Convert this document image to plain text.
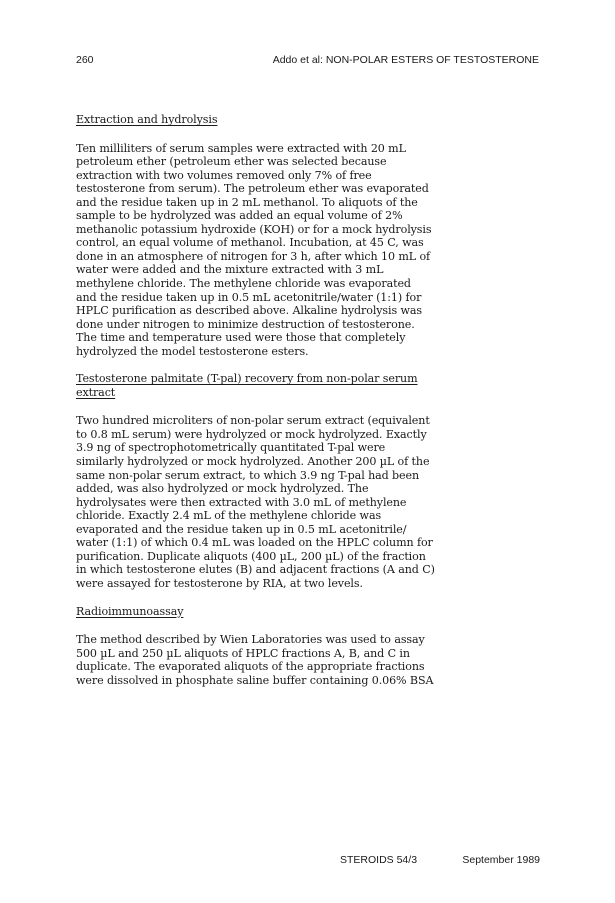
260	Addo et al: NON-POLAR ESTERS OF TESTOSTERONE
Extraction and hydrolysis
Ten milliliters of serum samples were extracted with 20 mL
petroleum ether (petroleum ether was selected because
extraction with two volumes removed only 7% of free
testosterone from serum). The petroleum ether was evaporated
and the residue taken up in 2 mL methanol. To aliquots of the
sample to be hydrolyzed was added an equal volume of 2%
methanolic potassium hydroxide (KOH) or for a mock hydrolysis
control, an equal volume of methanol. Incubation, at 45 C, was
done in an atmosphere of nitrogen for 3 h, after which 10 mL of
water were added and the mixture extracted with 3 mL
methylene chloride. The methylene chloride was evaporated
and the residue taken up in 0.5 mL acetonitrile/water (1:1) for
HPLC purification as described above. Alkaline hydrolysis was
done under nitrogen to minimize destruction of testosterone.
The time and temperature used were those that completely
hydrolyzed the model testosterone esters.
Testosterone palmitate (T-pal) recovery from non-polar serum
extract
Two hundred microliters of non-polar serum extract (equivalent
to 0.8 mL serum) were hydrolyzed or mock hydrolyzed. Exactly
3.9 ng of spectrophotometrically quantitated T-pal were
similarly hydrolyzed or mock hydrolyzed. Another 200 µL of the
same non-polar serum extract, to which 3.9 ng T-pal had been
added, was also hydrolyzed or mock hydrolyzed. The
hydrolysates were then extracted with 3.0 mL of methylene
chloride. Exactly 2.4 mL of the methylene chloride was
evaporated and the residue taken up in 0.5 mL acetonitrile/
water (1:1) of which 0.4 mL was loaded on the HPLC column for
purification. Duplicate aliquots (400 µL, 200 µL) of the fraction
in which testosterone elutes (B) and adjacent fractions (A and C)
were assayed for testosterone by RIA, at two levels.
Radioimmunoassay
The method described by Wien Laboratories was used to assay
500 µL and 250 µL aliquots of HPLC fractions A, B, and C in
duplicate. The evaporated aliquots of the appropriate fractions
were dissolved in phosphate saline buffer containing 0.06% BSA
STEROIDS 54/3	September 1989
